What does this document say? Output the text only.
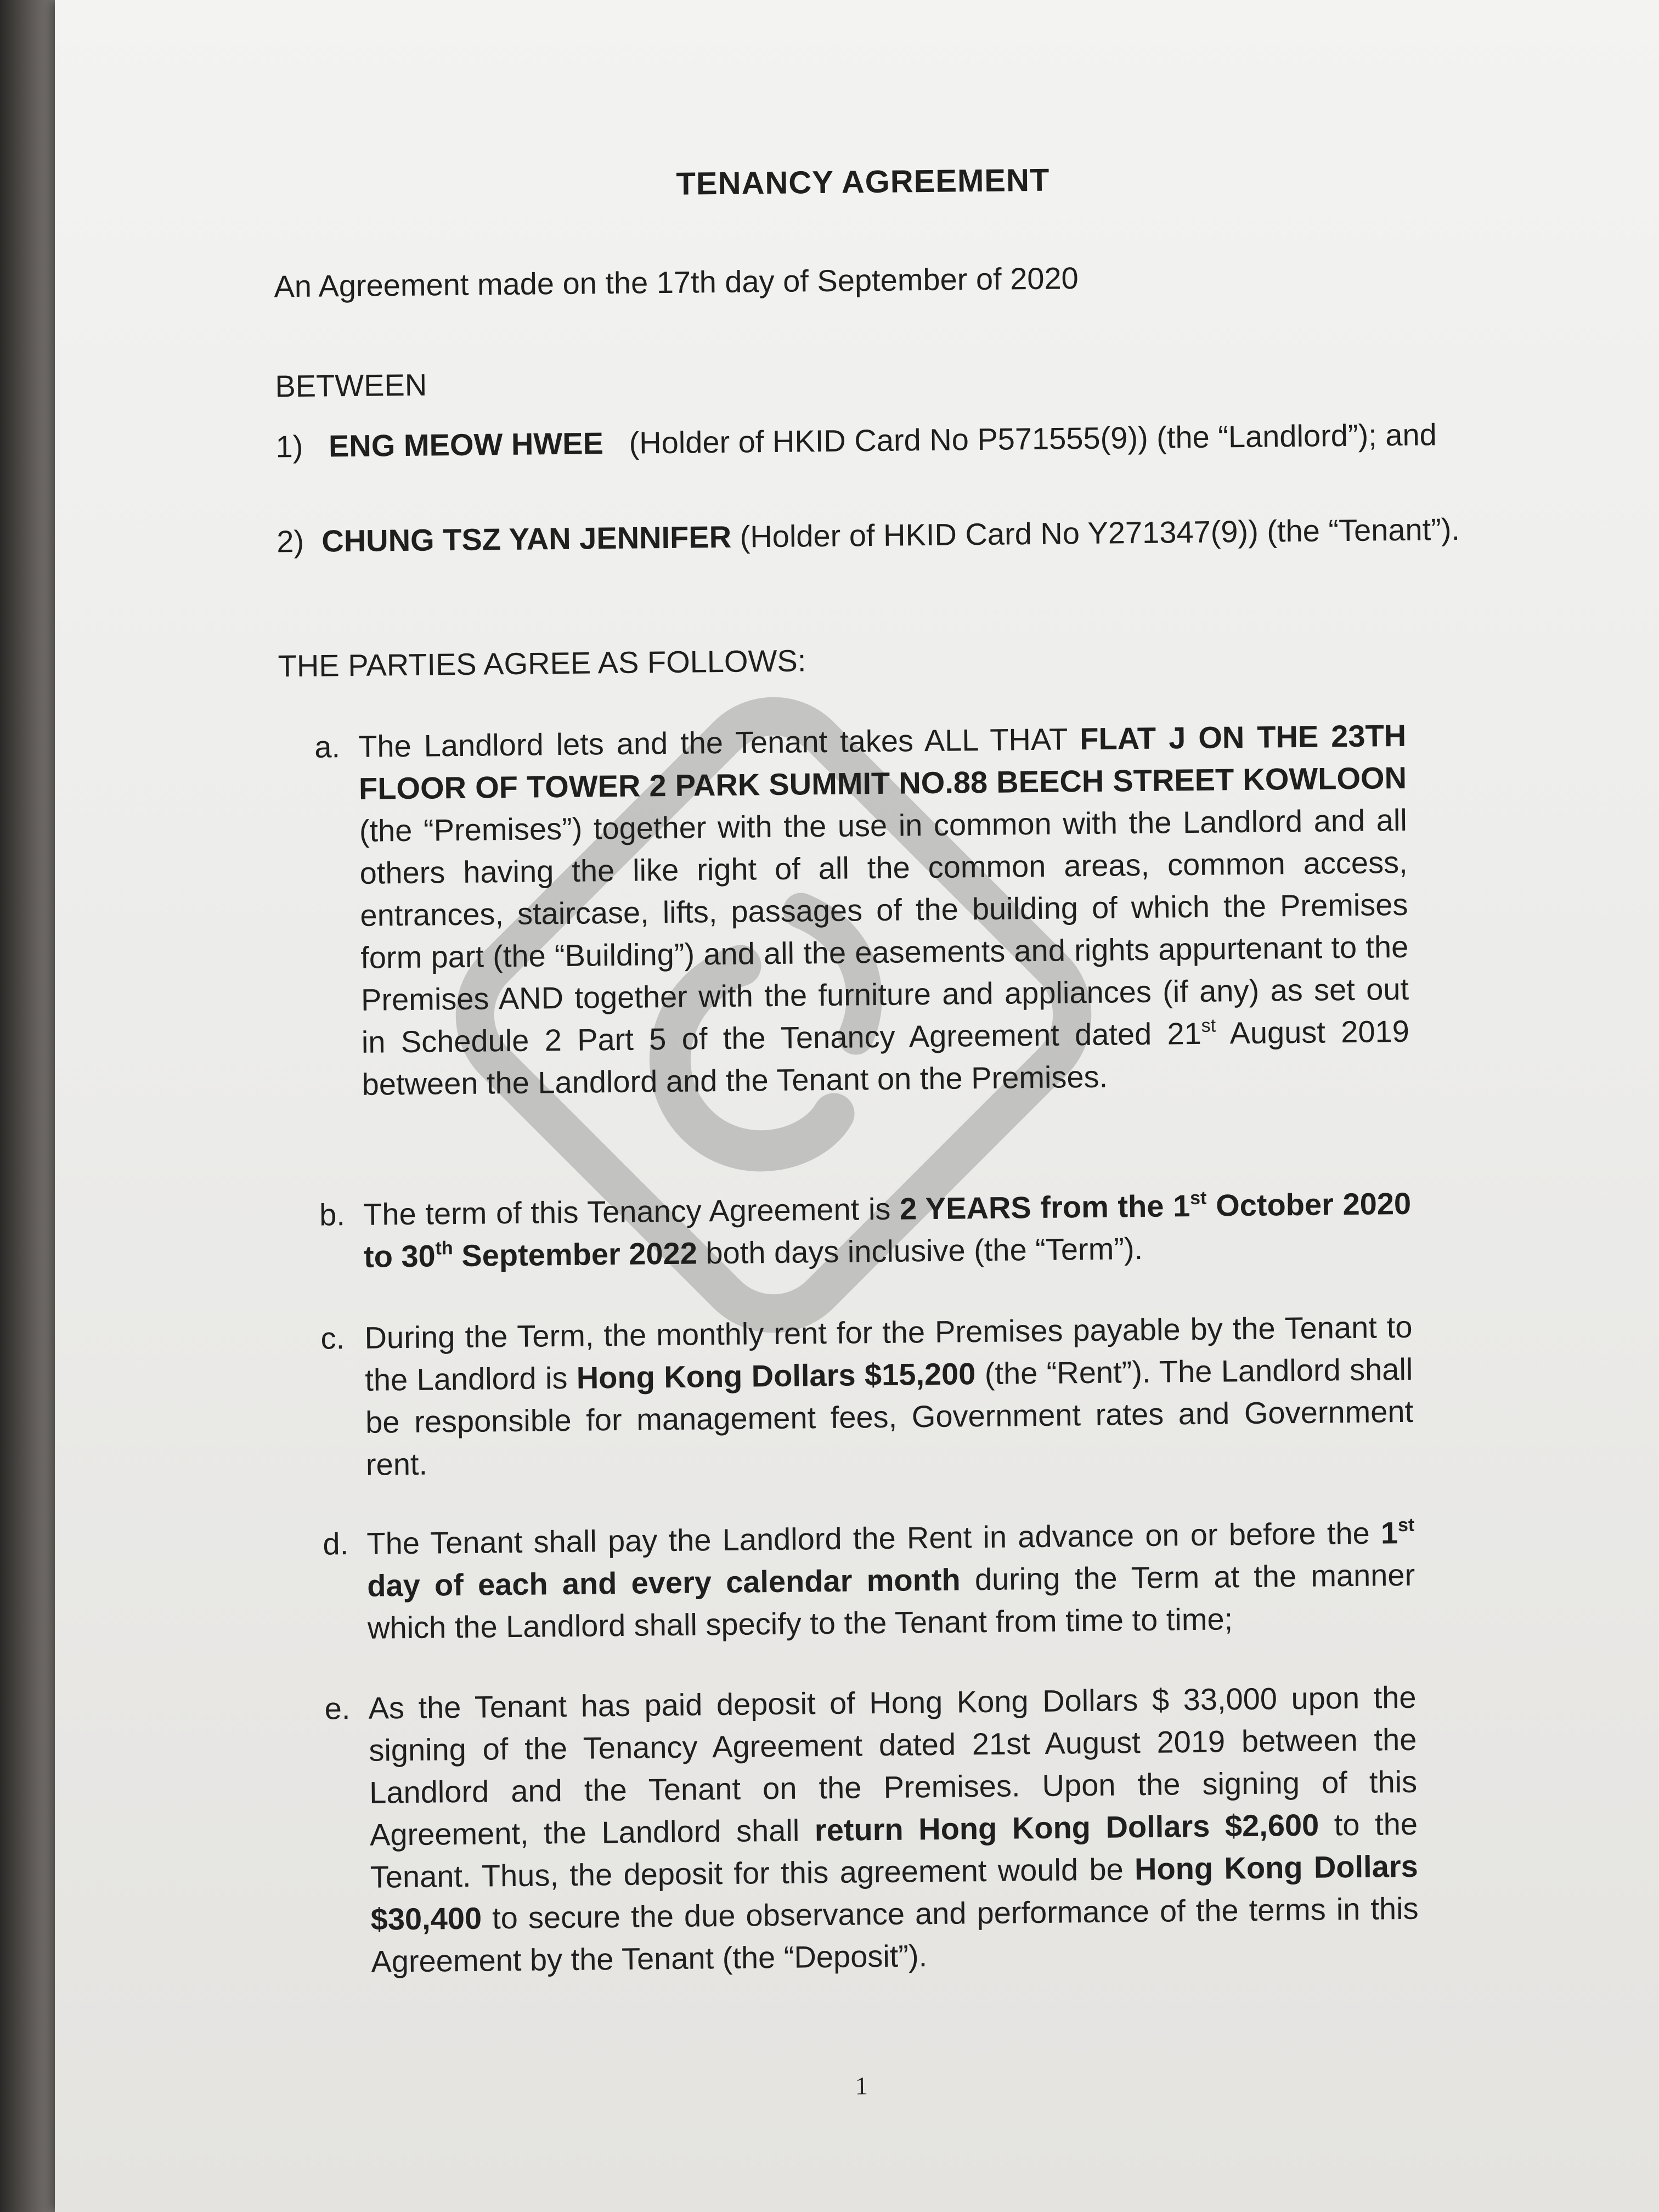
TENANCY AGREEMENT
An Agreement made on the 17th day of September of 2020
BETWEEN
1) ENG MEOW HWEE (Holder of HKID Card No P571555(9)) (the “Landlord”); and
2) CHUNG TSZ YAN JENNIFER (Holder of HKID Card No Y271347(9)) (the “Tenant”).
THE PARTIES AGREE AS FOLLOWS:
a. The Landlord lets and the Tenant takes ALL THAT FLAT J ON THE 23TH FLOOR OF TOWER 2 PARK SUMMIT NO.88 BEECH STREET KOWLOON (the “Premises”) together with the use in common with the Landlord and all others having the like right of all the common areas, common access, entrances, staircase, lifts, passages of the building of which the Premises form part (the “Building”) and all the easements and rights appurtenant to the Premises AND together with the furniture and appliances (if any) as set out in Schedule 2 Part 5 of the Tenancy Agreement dated 21st August 2019 between the Landlord and the Tenant on the Premises.
b. The term of this Tenancy Agreement is 2 YEARS from the 1st October 2020 to 30th September 2022 both days inclusive (the “Term”).
c. During the Term, the monthly rent for the Premises payable by the Tenant to the Landlord is Hong Kong Dollars $15,200 (the “Rent”). The Landlord shall be responsible for management fees, Government rates and Government rent.
d. The Tenant shall pay the Landlord the Rent in advance on or before the 1st day of each and every calendar month during the Term at the manner which the Landlord shall specify to the Tenant from time to time;
e. As the Tenant has paid deposit of Hong Kong Dollars $ 33,000 upon the signing of the Tenancy Agreement dated 21st August 2019 between the Landlord and the Tenant on the Premises. Upon the signing of this Agreement, the Landlord shall return Hong Kong Dollars $2,600 to the Tenant. Thus, the deposit for this agreement would be Hong Kong Dollars $30,400 to secure the due observance and performance of the terms in this Agreement by the Tenant (the “Deposit”).
1
